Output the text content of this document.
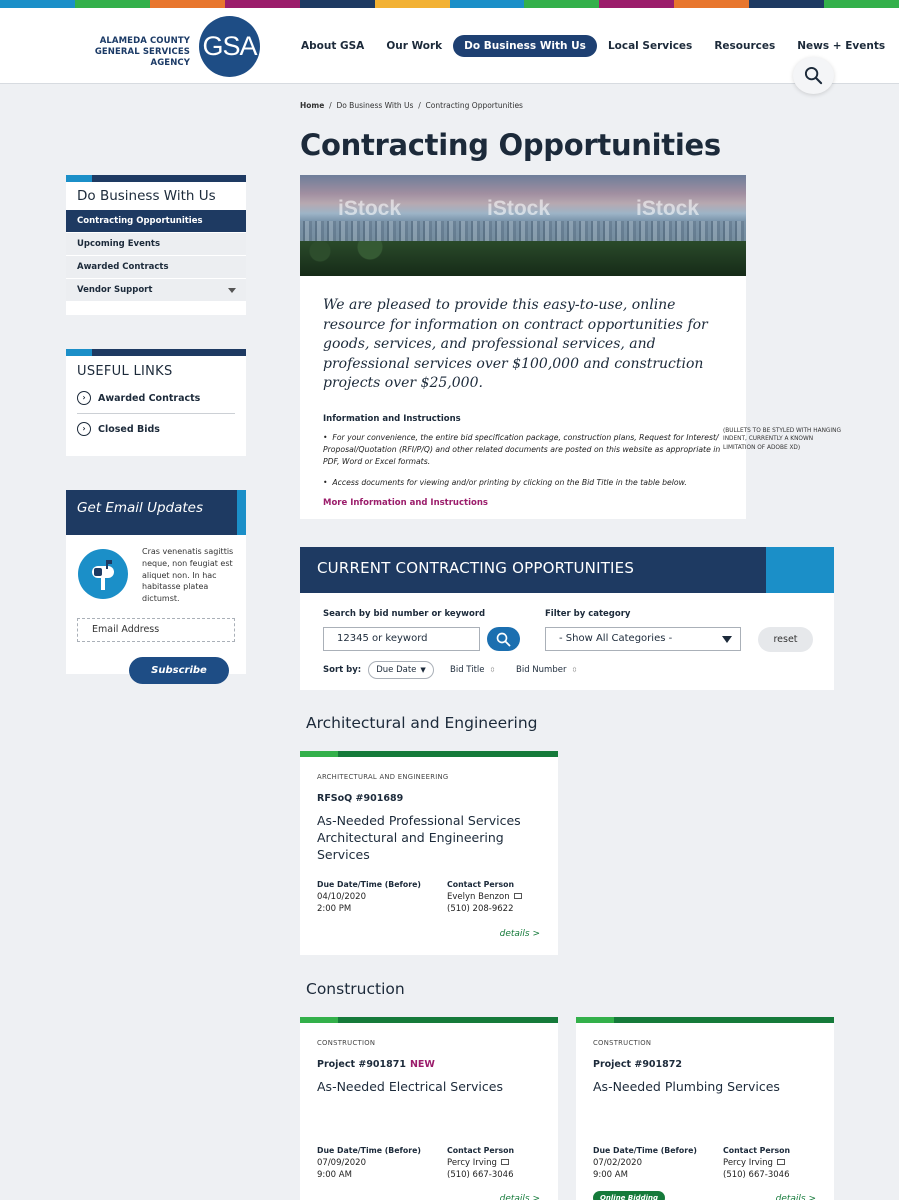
ALAMEDA COUNTY
GENERAL SERVICES AGENCY
GSA	About GSA	Our Work	Do Business With Us	Local Services	Resources	News + Events
Home / Do Business With Us / Contracting Opportunities
Contracting Opportunities
Do Business With Us
Contracting Opportunities
Upcoming Events
Awarded Contracts
Vendor Support
USEFUL LINKS
›	Awarded Contracts
›	Closed Bids
Get Email Updates
Cras venenatis sagittis neque, non feugiat est aliquet non. In hac habitasse platea dictumst.
Email Address
Subscribe
iStock	iStock	iStock

We are pleased to provide this easy-to-use, online resource for information on contract opportunities for goods, services, and professional services, and professional services over $100,000 and construction projects over $25,000.

Information and Instructions

•  For your convenience, the entire bid specification package, construction plans, Request for Interest/ Proposal/Quotation (RFI/P/Q) and other related documents are posted on this website as appropriate in PDF, Word or Excel formats.

•  Access documents for viewing and/or printing by clicking on the Bid Title in the table below.

More Information and Instructions

(BULLETS TO BE STYLED WITH HANGING INDENT, CURRENTLY A KNOWN LIMITATION OF ADOBE XD)
CURRENT CONTRACTING OPPORTUNITIES
Search by bid number or keyword	Filter by category
12345 or keyword	- Show All Categories -	reset
Sort by: Due Date ▼	Bid Title ⇳ Bid Number ⇳
Architectural and Engineering
ARCHITECTURAL AND ENGINEERING
RFSoQ #901689
As-Needed Professional Services Architectural and Engineering Services
Due Date/Time (Before)
04/10/2020
2:00 PM
Contact Person
Evelyn Benzon
(510) 208-9622
details >
Construction
CONSTRUCTION
Project #901871 NEW
As-Needed Electrical Services
Due Date/Time (Before)
07/09/2020
9:00 AM
Contact Person
Percy Irving
(510) 667-3046
details >
CONSTRUCTION
Project #901872
As-Needed Plumbing Services
Due Date/Time (Before)
07/02/2020
9:00 AM
Contact Person
Percy Irving
(510) 667-3046
Online Bidding	details >
